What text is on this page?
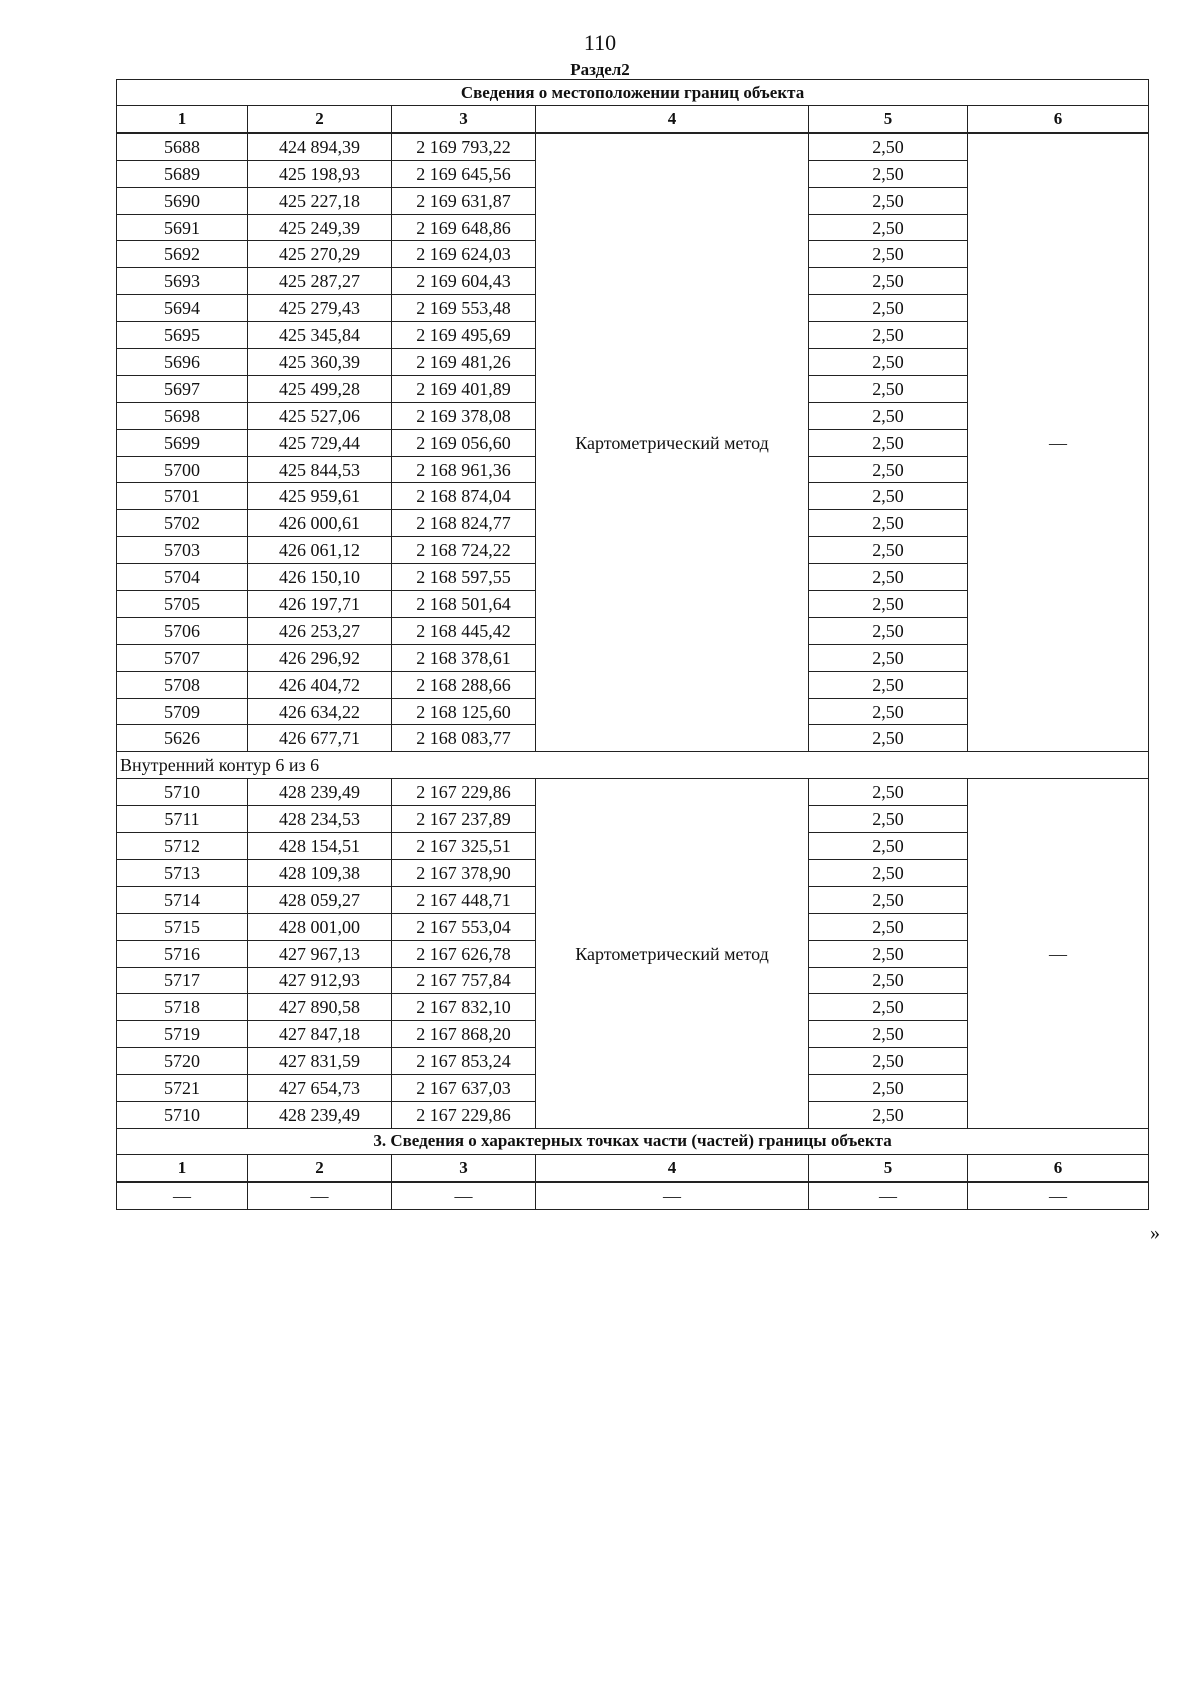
110
Раздел2
Сведения о местоположении границ объекта					
1	2	3	4	5	6
5688	424 894,39	2 169 793,22	Картометрический метод	2,50	—
5689	425 198,93	2 169 645,56		2,50	
5690	425 227,18	2 169 631,87		2,50	
5691	425 249,39	2 169 648,86		2,50	
5692	425 270,29	2 169 624,03		2,50	
5693	425 287,27	2 169 604,43		2,50	
5694	425 279,43	2 169 553,48		2,50	
5695	425 345,84	2 169 495,69		2,50	
5696	425 360,39	2 169 481,26		2,50	
5697	425 499,28	2 169 401,89		2,50	
5698	425 527,06	2 169 378,08		2,50	
5699	425 729,44	2 169 056,60		2,50	
5700	425 844,53	2 168 961,36		2,50	
5701	425 959,61	2 168 874,04		2,50	
5702	426 000,61	2 168 824,77		2,50	
5703	426 061,12	2 168 724,22		2,50	
5704	426 150,10	2 168 597,55		2,50	
5705	426 197,71	2 168 501,64		2,50	
5706	426 253,27	2 168 445,42		2,50	
5707	426 296,92	2 168 378,61		2,50	
5708	426 404,72	2 168 288,66		2,50	
5709	426 634,22	2 168 125,60		2,50	
5626	426 677,71	2 168 083,77		2,50	
Внутренний контур 6 из 6					
5710	428 239,49	2 167 229,86	Картометрический метод	2,50	—
5711	428 234,53	2 167 237,89		2,50	
5712	428 154,51	2 167 325,51		2,50	
5713	428 109,38	2 167 378,90		2,50	
5714	428 059,27	2 167 448,71		2,50	
5715	428 001,00	2 167 553,04		2,50	
5716	427 967,13	2 167 626,78		2,50	
5717	427 912,93	2 167 757,84		2,50	
5718	427 890,58	2 167 832,10		2,50	
5719	427 847,18	2 167 868,20		2,50	
5720	427 831,59	2 167 853,24		2,50	
5721	427 654,73	2 167 637,03		2,50	
5710	428 239,49	2 167 229,86		2,50	
3. Сведения о характерных точках части (частей) границы объекта					
1	2	3	4	5	6
—	—	—	—	—	—
»
